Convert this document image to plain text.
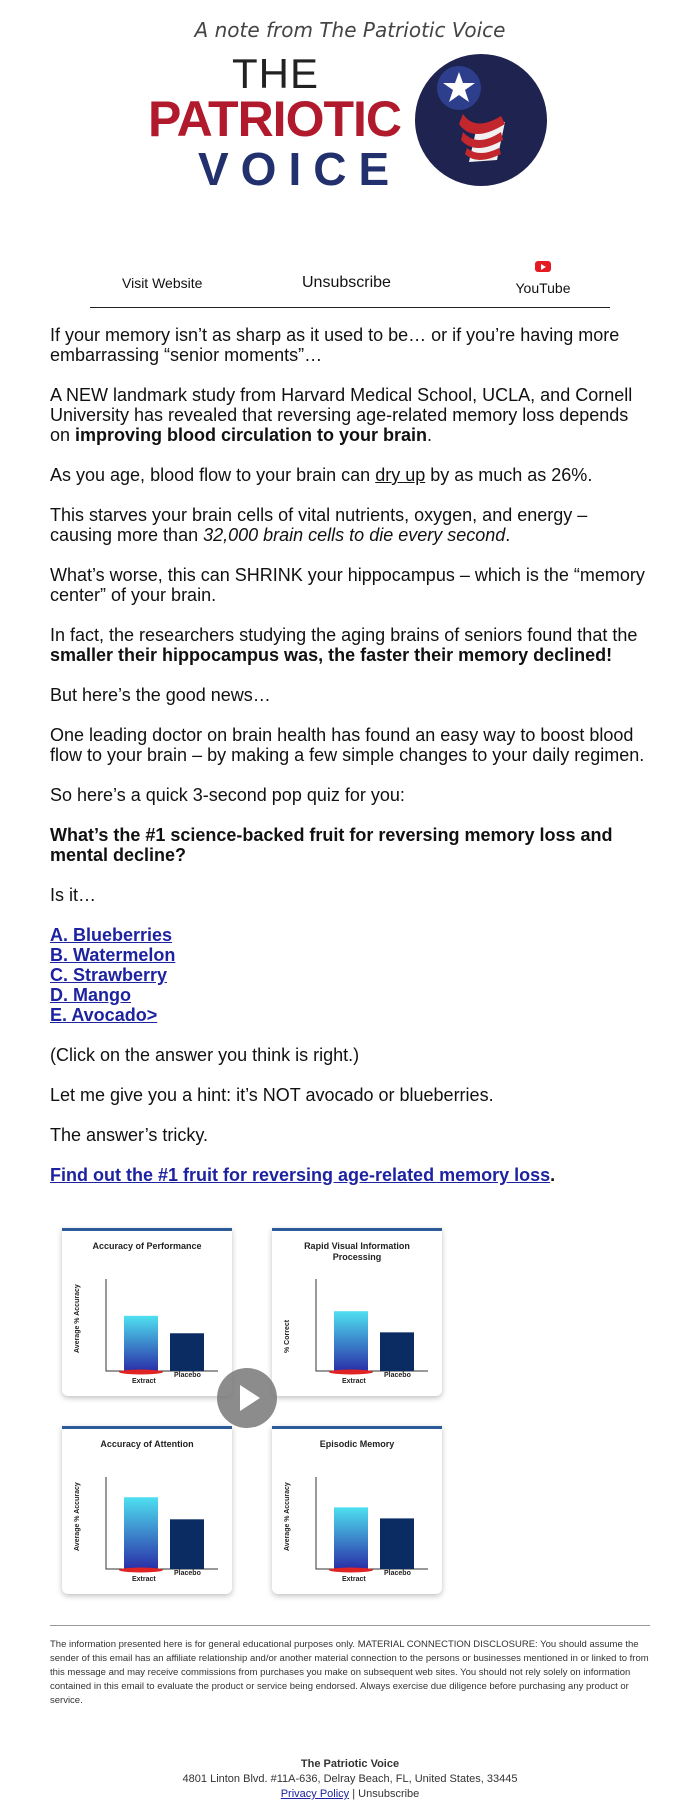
A note from The Patriotic Voice
THE
PATRIOTIC
VOICE
Visit Website	Unsubscribe	YouTube

If your memory isn’t as sharp as it used to be… or if you’re having more embarrassing “senior moments”…

A NEW landmark study from Harvard Medical School, UCLA, and Cornell University has revealed that reversing age-related memory loss depends on improving blood circulation to your brain.

As you age, blood flow to your brain can dry up by as much as 26%.

This starves your brain cells of vital nutrients, oxygen, and energy – causing more than 32,000 brain cells to die every second.

What’s worse, this can SHRINK your hippocampus – which is the “memory center” of your brain.

In fact, the researchers studying the aging brains of seniors found that the smaller their hippocampus was, the faster their memory declined!

But here’s the good news…

One leading doctor on brain health has found an easy way to boost blood flow to your brain – by making a few simple changes to your daily regimen.

So here’s a quick 3-second pop quiz for you:

What’s the #1 science-backed fruit for reversing memory loss and mental decline?

Is it…

A. Blueberries
B. Watermelon
C. Strawberry
D. Mango
E. Avocado>

(Click on the answer you think is right.)

Let me give you a hint: it’s NOT avocado or blueberries.

The answer’s tricky.

Find out the #1 fruit for reversing age-related memory loss.

Accuracy of Performance
Average % Accuracy
Extract
Placebo
Rapid Visual Information Processing
% Correct
Extract
Placebo
Accuracy of Attention
Average % Accuracy
Extract
Placebo
Episodic Memory
Average % Accuracy
Extract
Placebo
The information presented here is for general educational purposes only. MATERIAL CONNECTION DISCLOSURE: You should assume the sender of this email has an affiliate relationship and/or another material connection to the persons or businesses mentioned in or linked to from this message and may receive commissions from purchases you make on subsequent web sites. You should not rely solely on information contained in this email to evaluate the product or service being endorsed. Always exercise due diligence before purchasing any product or service.
The Patriotic Voice
4801 Linton Blvd. #11A-636, Delray Beach, FL, United States, 33445
Privacy Policy | Unsubscribe
